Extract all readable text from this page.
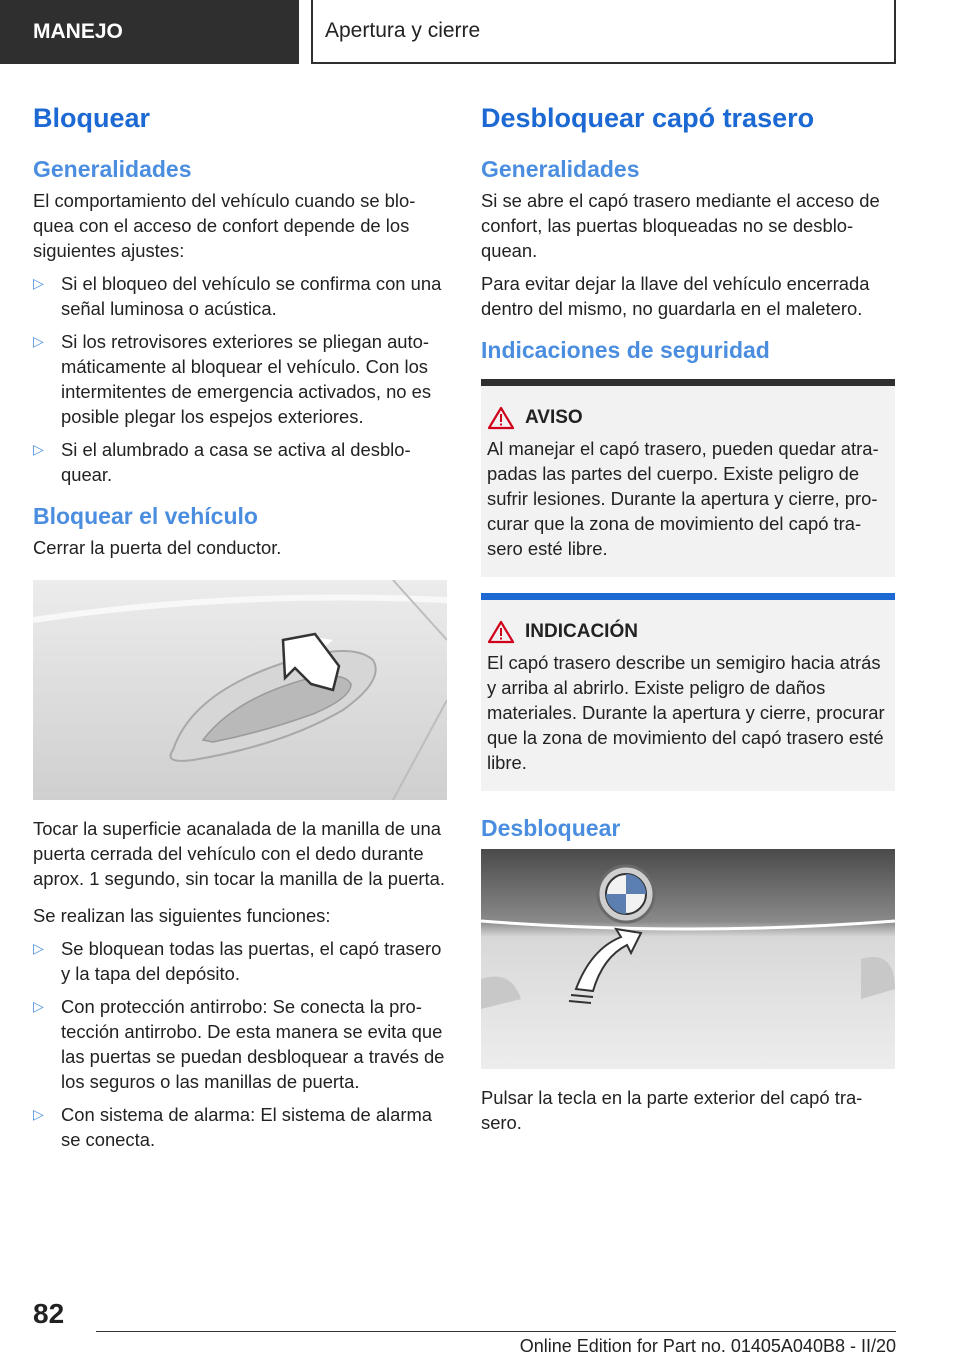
MANEJO	Apertura y cierre
Bloquear
Generalidades

El comportamiento del vehículo cuando se bloquea con el acceso de confort depende de los siguientes ajustes:

▷ Si el bloqueo del vehículo se confirma con una señal luminosa o acústica.
▷ Si los retrovisores exteriores se pliegan automáticamente al bloquear el vehículo. Con los intermitentes de emergencia activados, no es posible plegar los espejos exteriores.
▷ Si el alumbrado a casa se activa al desbloquear.
Bloquear el vehículo

Cerrar la puerta del conductor.

Tocar la superficie acanalada de la manilla de una puerta cerrada del vehículo con el dedo durante aprox. 1 segundo, sin tocar la manilla de la puerta.

Se realizan las siguientes funciones:

▷ Se bloquean todas las puertas, el capó trasero y la tapa del depósito.
▷ Con protección antirrobo: Se conecta la protección antirrobo. De esta manera se evita que las puertas se puedan desbloquear a través de los seguros o las manillas de puerta.
▷ Con sistema de alarma: El sistema de alarma se conecta.
Desbloquear capó trasero
Generalidades

Si se abre el capó trasero mediante el acceso de confort, las puertas bloqueadas no se desbloquean.

Para evitar dejar la llave del vehículo encerrada dentro del mismo, no guardarla en el maletero.

Indicaciones de seguridad
AVISO

Al manejar el capó trasero, pueden quedar atrapadas las partes del cuerpo. Existe peligro de sufrir lesiones. Durante la apertura y cierre, procurar que la zona de movimiento del capó trasero esté libre.

INDICACIÓN

El capó trasero describe un semigiro hacia atrás y arriba al abrirlo. Existe peligro de daños materiales. Durante la apertura y cierre, procurar que la zona de movimiento del capó trasero esté libre.

Desbloquear

Pulsar la tecla en la parte exterior del capó trasero.

82
Online Edition for Part no. 01405A040B8 - II/20
